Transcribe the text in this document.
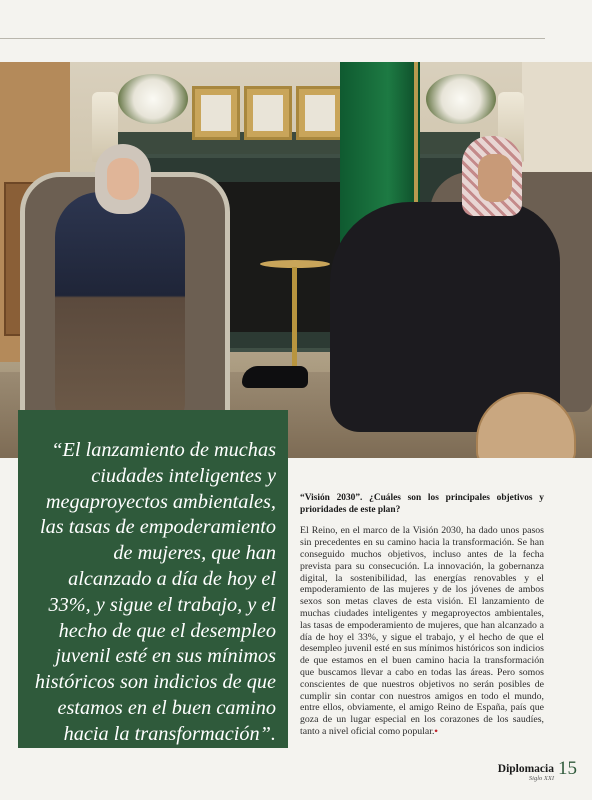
“El lanzamiento de muchas ciudades inteligentes y megaproyectos ambientales, las tasas de empoderamiento de mujeres, que han alcanzado a día de hoy el 33%, y sigue el trabajo, y el hecho de que el desempleo juvenil esté en sus mínimos históricos son indicios de que estamos en el buen camino hacia la transformación”.

“Visión 2030”. ¿Cuáles son los principales objetivos y prioridades de este plan?

El Reino, en el marco de la Visión 2030, ha dado unos pasos sin precedentes en su camino hacia la transformación. Se han conseguido muchos objetivos, incluso antes de la fecha prevista para su consecución. La innovación, la gobernanza digital, la sostenibilidad, las energías renovables y el empoderamiento de las mujeres y de los jóvenes de ambos sexos son metas claves de esta visión. El lanzamiento de muchas ciudades inteligentes y megaproyectos ambientales, las tasas de empoderamiento de mujeres, que han alcanzado a día de hoy el 33%, y sigue el trabajo, y el hecho de que el desempleo juvenil esté en sus mínimos históricos son indicios de que estamos en el buen camino hacia la transformación que buscamos llevar a cabo en todas las áreas. Pero somos conscientes de que nuestros objetivos no serán posibles de cumplir sin contar con nuestros amigos en todo el mundo, entre ellos, obviamente, el amigo Reino de España, país que goza de un lugar especial en los corazones de los saudíes, tanto a nivel oficial como popular.•

Diplomacia
Siglo XXI 15
